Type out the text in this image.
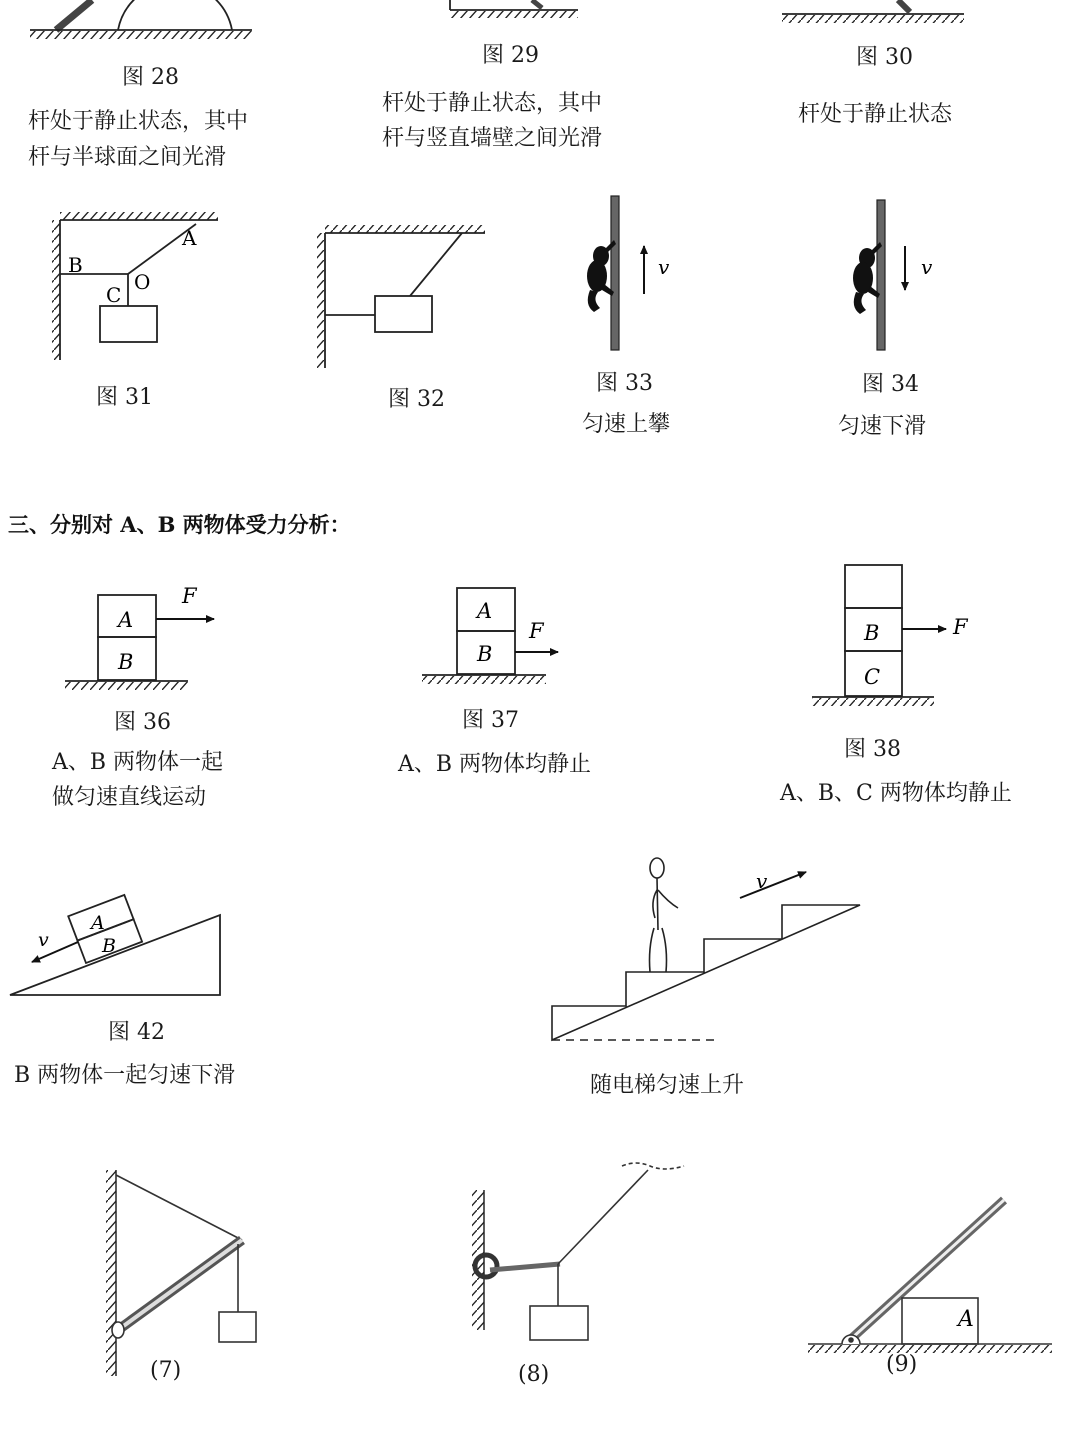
A
B
C
O
v	v
A
B
F
A
B
F	B
C
F
A
B
v
v
A
图 28
杆处于静止状态，其中
杆与半球面之间光滑
图 29
杆处于静止状态，其中
杆与竖直墙壁之间光滑
图 30
杆处于静止状态
图 31	图 32
图 33
匀速上攀
图 34
匀速下滑
三、分别对 A、B 两物体受力分析：
图 36
A、B 两物体一起
做匀速直线运动
图 37
A、B 两物体均静止
图 38
A、B、C 两物体均静止
图 42
B 两物体一起匀速下滑	随电梯匀速上升
(7)	(8)	(9)
